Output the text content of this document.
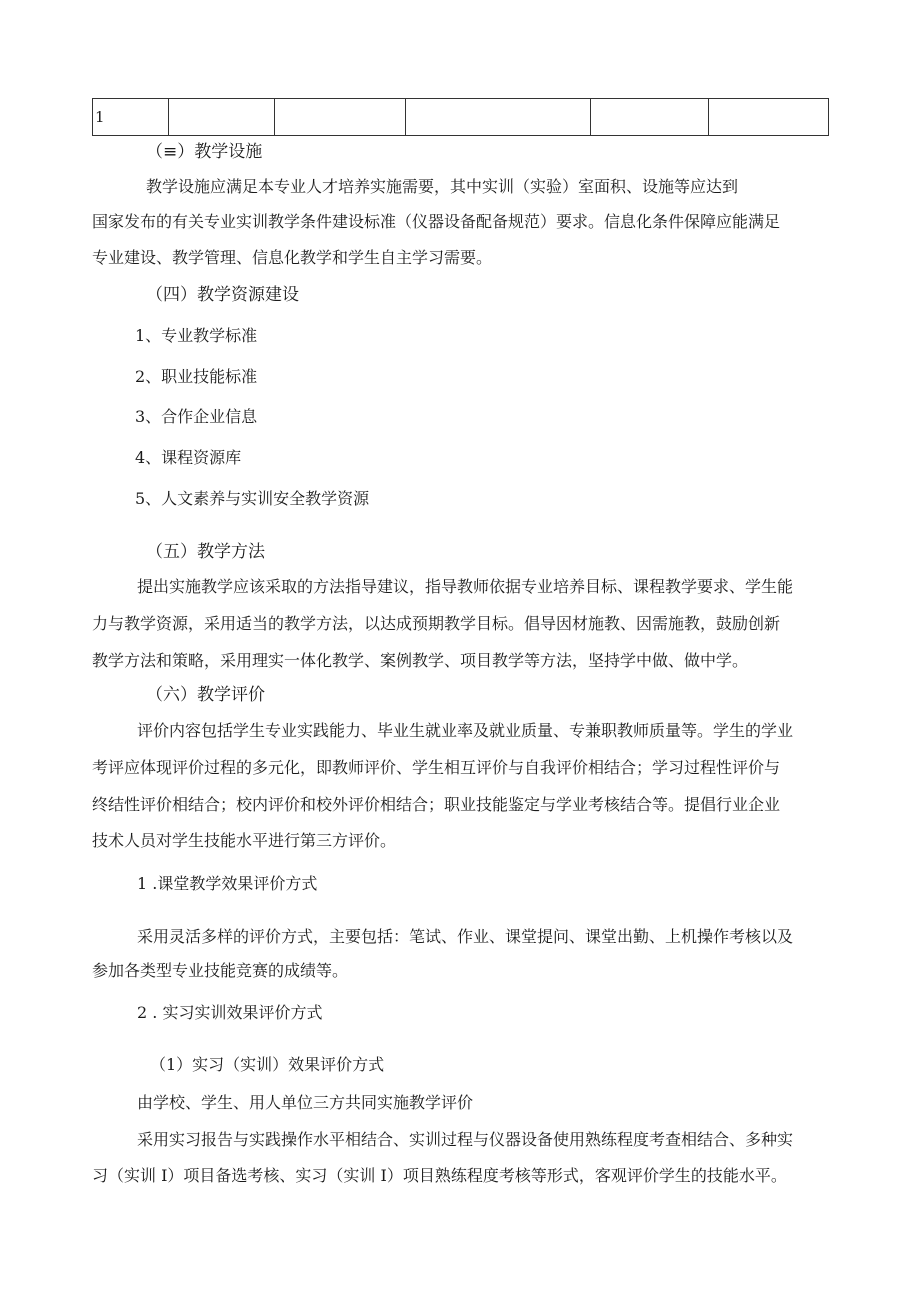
1					
（≡）教学设施
教学设施应满足本专业人才培养实施需要，其中实训（实验）室面积、设施等应达到
国家发布的有关专业实训教学条件建设标准（仪器设备配备规范）要求。信息化条件保障应能满足
专业建设、教学管理、信息化教学和学生自主学习需要。
（四）教学资源建设
1、专业教学标准
2、职业技能标准
3、合作企业信息
4、课程资源库
5、人文素养与实训安全教学资源
（五）教学方法
提出实施教学应该采取的方法指导建议，指导教师依据专业培养目标、课程教学要求、学生能
力与教学资源，采用适当的教学方法，以达成预期教学目标。倡导因材施教、因需施教，鼓励创新
教学方法和策略，采用理实一体化教学、案例教学、项目教学等方法，坚持学中做、做中学。
（六）教学评价
评价内容包括学生专业实践能力、毕业生就业率及就业质量、专兼职教师质量等。学生的学业
考评应体现评价过程的多元化，即教师评价、学生相互评价与自我评价相结合；学习过程性评价与
终结性评价相结合；校内评价和校外评价相结合；职业技能鉴定与学业考核结合等。提倡行业企业
技术人员对学生技能水平进行第三方评价。
1 .课堂教学效果评价方式
采用灵活多样的评价方式，主要包括：笔试、作业、课堂提问、课堂出勤、上机操作考核以及
参加各类型专业技能竞赛的成绩等。
2 . 实习实训效果评价方式
（1）实习（实训）效果评价方式
由学校、学生、用人单位三方共同实施教学评价
采用实习报告与实践操作水平相结合、实训过程与仪器设备使用熟练程度考查相结合、多种实
习（实训 I）项目备选考核、实习（实训 I）项目熟练程度考核等形式，客观评价学生的技能水平。
